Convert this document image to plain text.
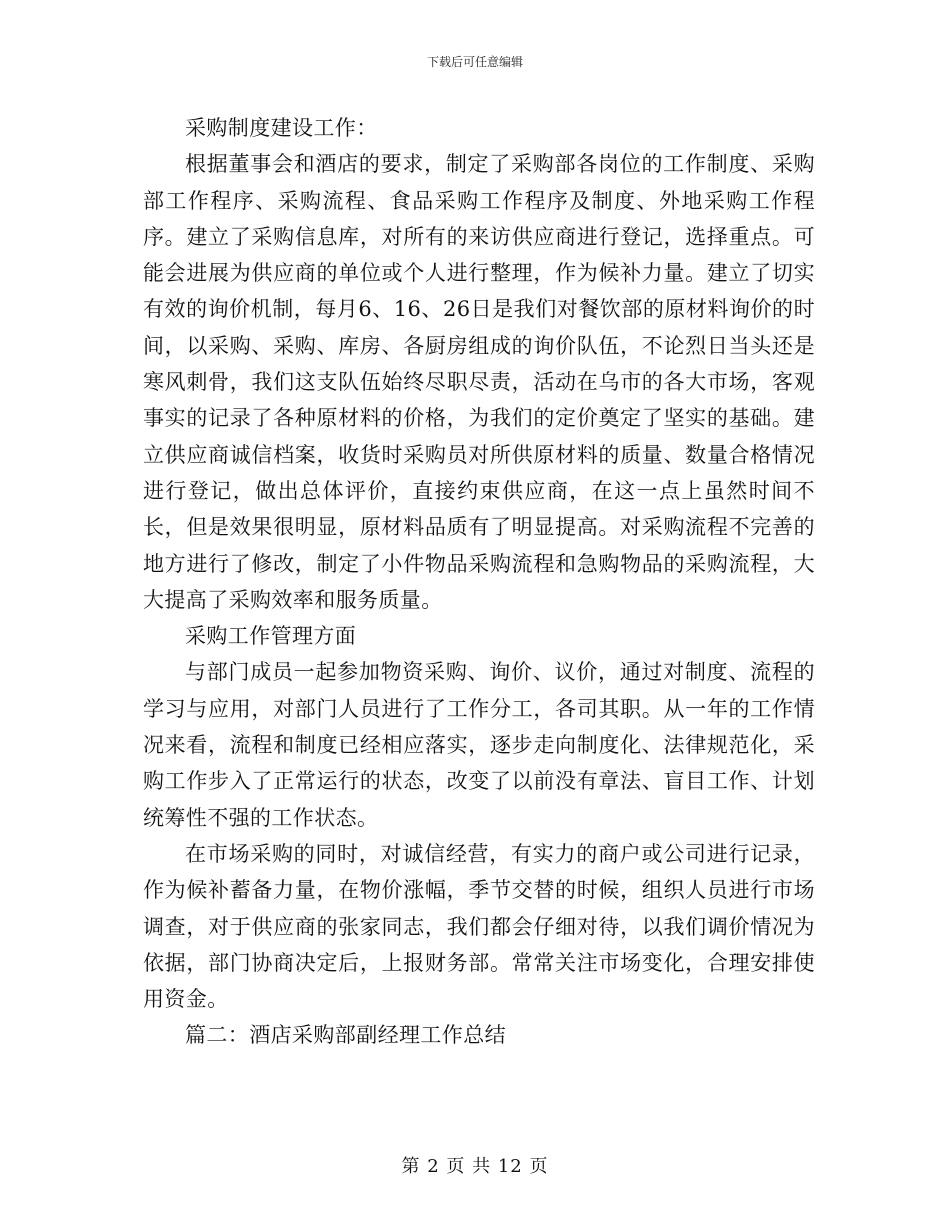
下载后可任意编辑

采购制度建设工作：

根据董事会和酒店的要求，制定了采购部各岗位的工作制度、采购部工作程序、采购流程、食品采购工作程序及制度、外地采购工作程序。建立了采购信息库，对所有的来访供应商进行登记，选择重点。可能会进展为供应商的单位或个人进行整理，作为候补力量。建立了切实有效的询价机制，每月6、16、26日是我们对餐饮部的原材料询价的时间，以采购、采购、库房、各厨房组成的询价队伍，不论烈日当头还是寒风刺骨，我们这支队伍始终尽职尽责，活动在乌市的各大市场，客观事实的记录了各种原材料的价格，为我们的定价奠定了坚实的基础。建立供应商诚信档案，收货时采购员对所供原材料的质量、数量合格情况进行登记，做出总体评价，直接约束供应商，在这一点上虽然时间不长，但是效果很明显，原材料品质有了明显提高。对采购流程不完善的地方进行了修改，制定了小件物品采购流程和急购物品的采购流程，大大提高了采购效率和服务质量。

采购工作管理方面

与部门成员一起参加物资采购、询价、议价，通过对制度、流程的学习与应用，对部门人员进行了工作分工，各司其职。从一年的工作情况来看，流程和制度已经相应落实，逐步走向制度化、法律规范化，采购工作步入了正常运行的状态，改变了以前没有章法、盲目工作、计划统筹性不强的工作状态。

在市场采购的同时，对诚信经营，有实力的商户或公司进行记录，作为候补蓄备力量，在物价涨幅，季节交替的时候，组织人员进行市场调查，对于供应商的张家同志，我们都会仔细对待，以我们调价情况为依据，部门协商决定后，上报财务部。常常关注市场变化，合理安排使用资金。

篇二：酒店采购部副经理工作总结

第 2 页 共 12 页
